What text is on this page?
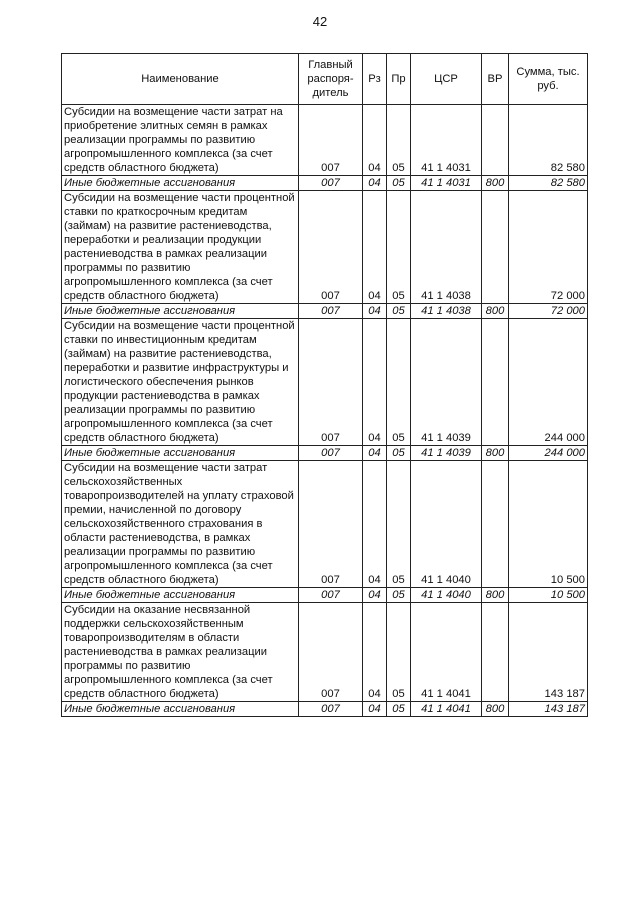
42
Наименование	Главный распоря-дитель	Рз	Пр	ЦСР	ВР	Сумма, тыс. руб.
Субсидии на возмещение части затрат на приобретение элитных семян в рамках реализации программы по развитию агропромышленного комплекса (за счет средств областного бюджета)	007	04	05	41 1 4031		82 580
Иные бюджетные ассигнования	007	04	05	41 1 4031	800	82 580
Субсидии на возмещение части процентной ставки по краткосрочным кредитам (займам) на развитие растениеводства, переработки и реализации продукции растениеводства в рамках реализации программы по развитию агропромышленного комплекса (за счет средств областного бюджета)	007	04	05	41 1 4038		72 000
Иные бюджетные ассигнования	007	04	05	41 1 4038	800	72 000
Субсидии на возмещение части процентной ставки по инвестиционным кредитам (займам) на развитие растениеводства, переработки и развитие инфраструктуры и логистического обеспечения рынков продукции растениеводства в рамках реализации программы по развитию агропромышленного комплекса (за счет средств областного бюджета)	007	04	05	41 1 4039		244 000
Иные бюджетные ассигнования	007	04	05	41 1 4039	800	244 000
Субсидии на возмещение части затрат сельскохозяйственных товаропроизводителей на уплату страховой премии, начисленной по договору сельскохозяйственного страхования в области растениеводства, в рамках реализации программы по развитию агропромышленного комплекса (за счет средств областного бюджета)	007	04	05	41 1 4040		10 500
Иные бюджетные ассигнования	007	04	05	41 1 4040	800	10 500
Субсидии на оказание несвязанной поддержки сельскохозяйственным товаропроизводителям в области растениеводства в рамках реализации программы по развитию агропромышленного комплекса (за счет средств областного бюджета)	007	04	05	41 1 4041		143 187
Иные бюджетные ассигнования	007	04	05	41 1 4041	800	143 187
